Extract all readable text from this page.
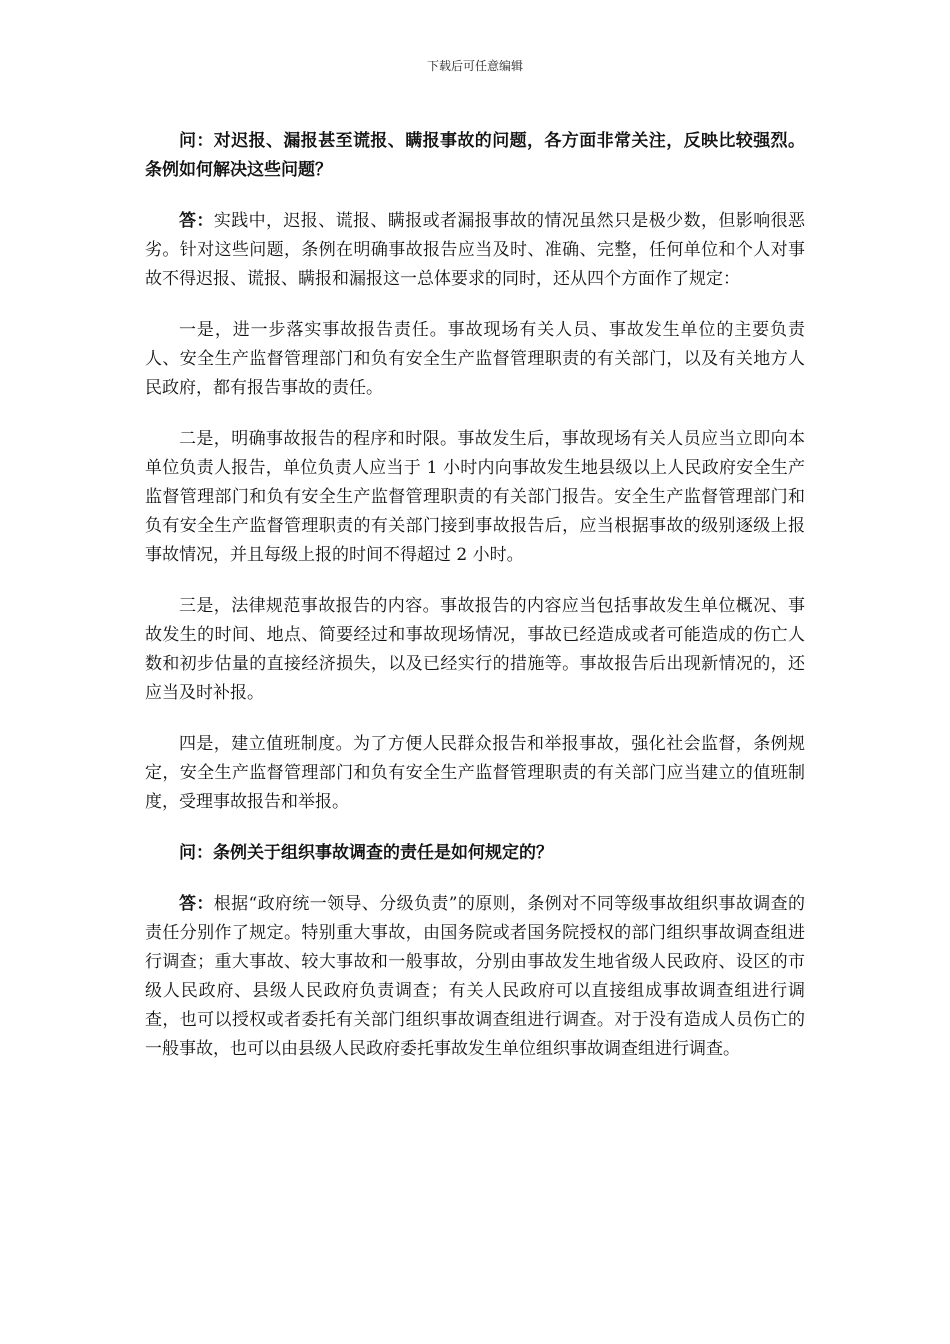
下载后可任意编辑

问：对迟报、漏报甚至谎报、瞒报事故的问题，各方面非常关注，反映比较强烈。条例如何解决这些问题？

答：实践中，迟报、谎报、瞒报或者漏报事故的情况虽然只是极少数，但影响很恶劣。针对这些问题，条例在明确事故报告应当及时、准确、完整，任何单位和个人对事故不得迟报、谎报、瞒报和漏报这一总体要求的同时，还从四个方面作了规定：

一是，进一步落实事故报告责任。事故现场有关人员、事故发生单位的主要负责人、安全生产监督管理部门和负有安全生产监督管理职责的有关部门，以及有关地方人民政府，都有报告事故的责任。

二是，明确事故报告的程序和时限。事故发生后，事故现场有关人员应当立即向本单位负责人报告，单位负责人应当于 1 小时内向事故发生地县级以上人民政府安全生产监督管理部门和负有安全生产监督管理职责的有关部门报告。安全生产监督管理部门和负有安全生产监督管理职责的有关部门接到事故报告后，应当根据事故的级别逐级上报事故情况，并且每级上报的时间不得超过 2 小时。

三是，法律规范事故报告的内容。事故报告的内容应当包括事故发生单位概况、事故发生的时间、地点、简要经过和事故现场情况，事故已经造成或者可能造成的伤亡人数和初步估量的直接经济损失，以及已经实行的措施等。事故报告后出现新情况的，还应当及时补报。

四是，建立值班制度。为了方便人民群众报告和举报事故，强化社会监督，条例规定，安全生产监督管理部门和负有安全生产监督管理职责的有关部门应当建立的值班制度，受理事故报告和举报。

问：条例关于组织事故调查的责任是如何规定的？

答：根据“政府统一领导、分级负责”的原则，条例对不同等级事故组织事故调查的责任分别作了规定。特别重大事故，由国务院或者国务院授权的部门组织事故调查组进行调查；重大事故、较大事故和一般事故，分别由事故发生地省级人民政府、设区的市级人民政府、县级人民政府负责调查；有关人民政府可以直接组成事故调查组进行调查，也可以授权或者委托有关部门组织事故调查组进行调查。对于没有造成人员伤亡的一般事故，也可以由县级人民政府委托事故发生单位组织事故调查组进行调查。
